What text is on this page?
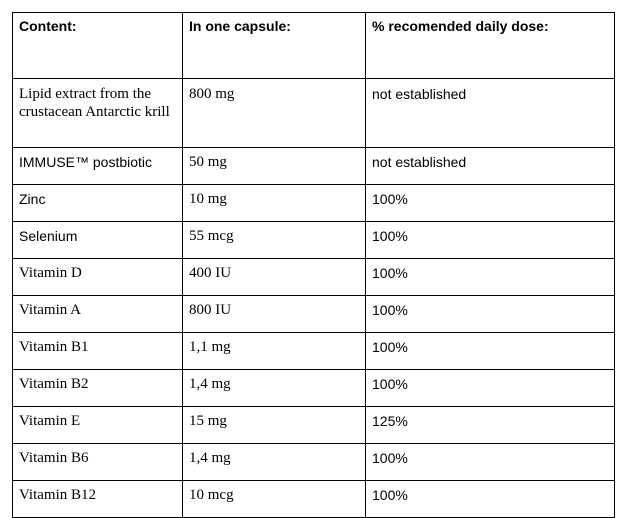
Content:	In one capsule:	% recomended daily dose:
Lipid extract from the crustacean Antarctic krill	800 mg	not established
IMMUSE™ postbiotic	50 mg	not established
Zinc	10 mg	100%
Selenium	55 mcg	100%
Vitamin D	400 IU	100%
Vitamin A	800 IU	100%
Vitamin B1	1,1 mg	100%
Vitamin B2	1,4 mg	100%
Vitamin E	15 mg	125%
Vitamin B6	1,4 mg	100%
Vitamin B12	10 mcg	100%
